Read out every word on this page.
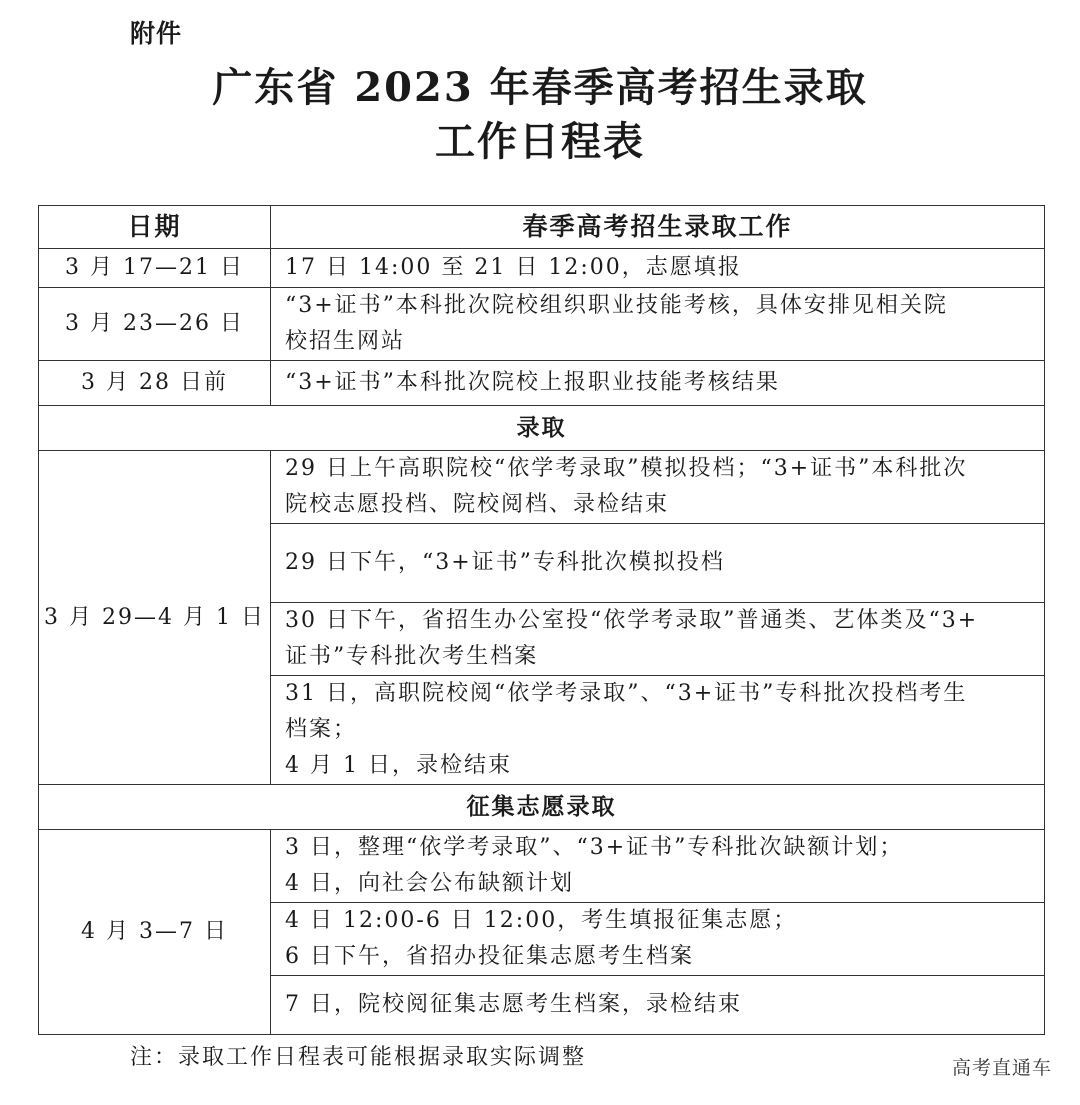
附件
广东省 2023 年春季高考招生录取
工作日程表
日期	春季高考招生录取工作
3 月 17—21 日	17 日 14:00 至 21 日 12:00，志愿填报

3 月 23—26 日	“3+证书”本科批次院校组织职业技能考核，具体安排见相关院
校招生网站

3 月 28 日前	“3+证书”本科批次院校上报职业技能考核结果

录取	
3 月 29—4 月 1 日	29 日上午高职院校“依学考录取”模拟投档；“3+证书”本科批次
院校志愿投档、院校阅档、录检结束

	29 日下午，“3+证书”专科批次模拟投档

	30 日下午，省招生办公室投“依学考录取”普通类、艺体类及“3+
证书”专科批次考生档案

	31 日，高职院校阅“依学考录取”、“3+证书”专科批次投档考生
档案；
4 月 1 日，录检结束

征集志愿录取	
4 月 3—7 日	3 日，整理“依学考录取”、“3+证书”专科批次缺额计划；
4 日，向社会公布缺额计划

	4 日 12:00-6 日 12:00，考生填报征集志愿；
6 日下午，省招办投征集志愿考生档案

	7 日，院校阅征集志愿考生档案，录检结束
注：录取工作日程表可能根据录取实际调整	高考直通车
